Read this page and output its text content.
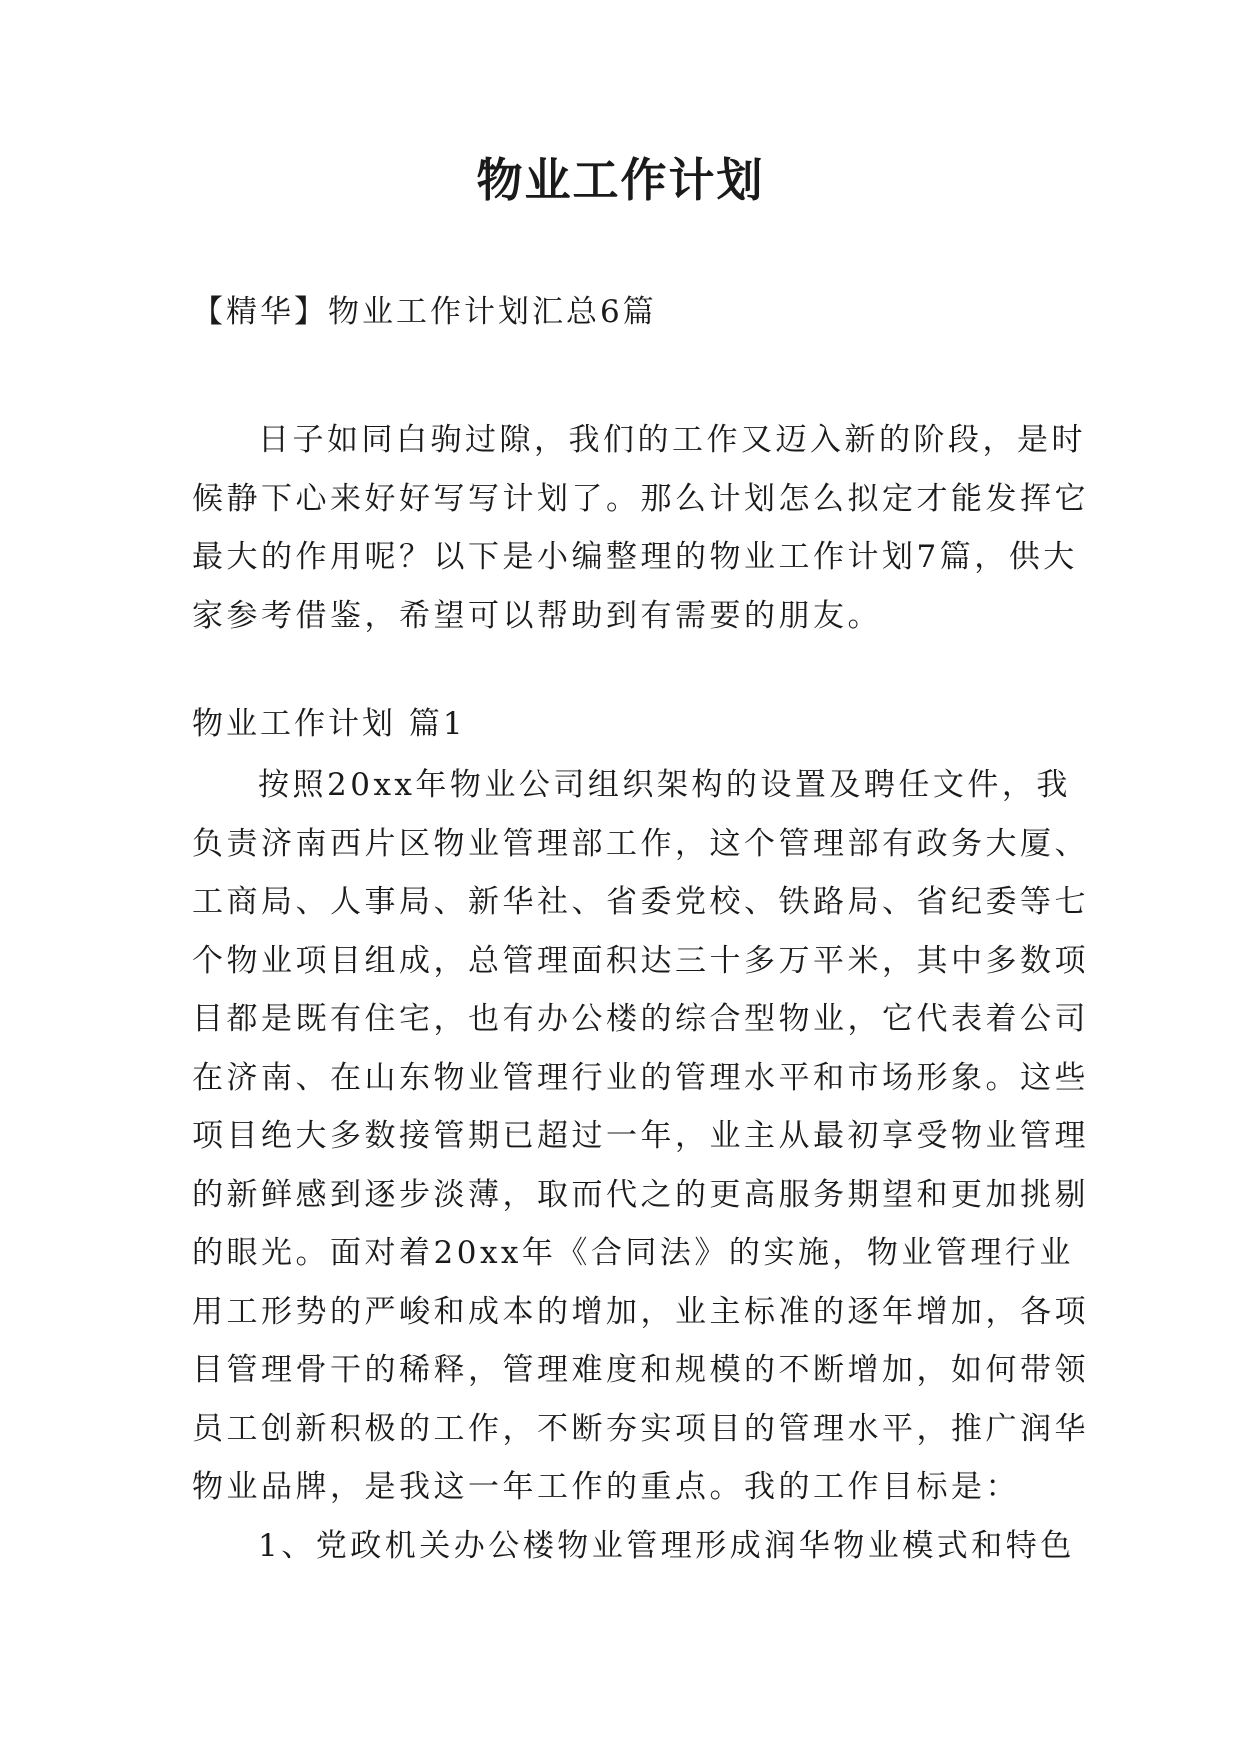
物业工作计划

【精华】物业工作计划汇总6篇

日子如同白驹过隙，我们的工作又迈入新的阶段，是时
候静下心来好好写写计划了。那么计划怎么拟定才能发挥它
最大的作用呢？以下是小编整理的物业工作计划7篇，供大
家参考借鉴，希望可以帮助到有需要的朋友。

物业工作计划 篇1

按照20xx年物业公司组织架构的设置及聘任文件，我
负责济南西片区物业管理部工作，这个管理部有政务大厦、
工商局、人事局、新华社、省委党校、铁路局、省纪委等七
个物业项目组成，总管理面积达三十多万平米，其中多数项
目都是既有住宅，也有办公楼的综合型物业，它代表着公司
在济南、在山东物业管理行业的管理水平和市场形象。这些
项目绝大多数接管期已超过一年，业主从最初享受物业管理
的新鲜感到逐步淡薄，取而代之的更高服务期望和更加挑剔
的眼光。面对着20xx年《合同法》的实施，物业管理行业
用工形势的严峻和成本的增加，业主标准的逐年增加，各项
目管理骨干的稀释，管理难度和规模的不断增加，如何带领
员工创新积极的工作，不断夯实项目的管理水平，推广润华
物业品牌，是我这一年工作的重点。我的工作目标是：
1、党政机关办公楼物业管理形成润华物业模式和特色
